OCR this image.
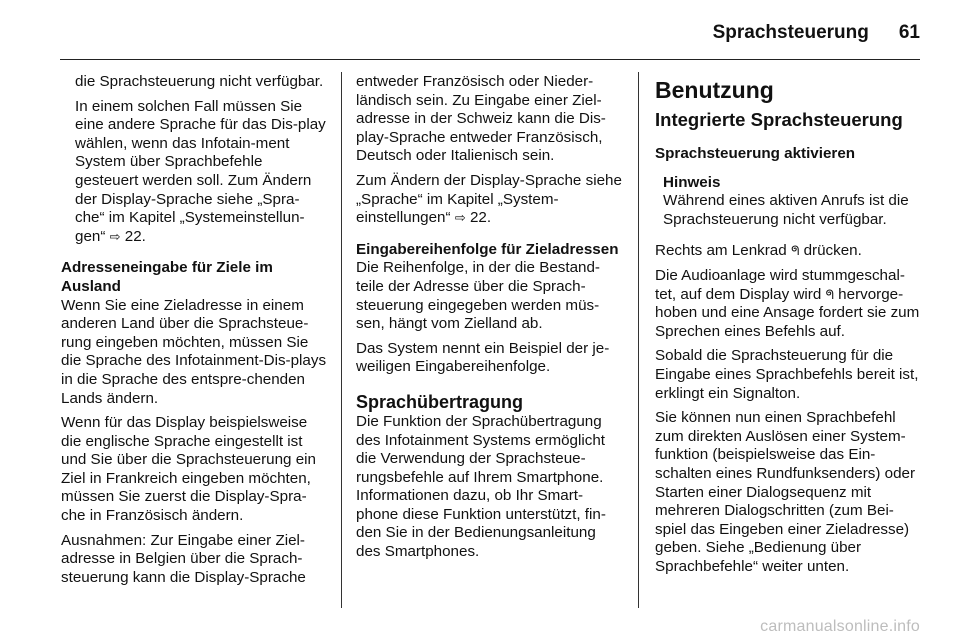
Sprachsteuerung 61

die Sprachsteuerung nicht verfügbar.

In einem solchen Fall müssen Sie eine andere Sprache für das Dis-play wählen, wenn das Infotain-ment System über Sprachbefehle gesteuert werden soll. Zum Ändern der Display-Sprache siehe „Spra-che“ im Kapitel „Systemeinstellun-gen“ ⇨ 22.

Adresseneingabe für Ziele im Ausland

Wenn Sie eine Zieladresse in einem anderen Land über die Sprachsteue-rung eingeben möchten, müssen Sie die Sprache des Infotainment-Dis-plays in die Sprache des entspre-chenden Lands ändern.

Wenn für das Display beispielsweise die englische Sprache eingestellt ist und Sie über die Sprachsteuerung ein Ziel in Frankreich eingeben möchten, müssen Sie zuerst die Display-Spra-che in Französisch ändern.

Ausnahmen: Zur Eingabe einer Ziel-adresse in Belgien über die Sprach-steuerung kann die Display-Sprache

entweder Französisch oder Nieder-ländisch sein. Zu Eingabe einer Ziel-adresse in der Schweiz kann die Dis-play-Sprache entweder Französisch, Deutsch oder Italienisch sein.

Zum Ändern der Display-Sprache siehe „Sprache“ im Kapitel „System-einstellungen“ ⇨ 22.

Eingabereihenfolge für Zieladressen

Die Reihenfolge, in der die Bestand-teile der Adresse über die Sprach-steuerung eingegeben werden müs-sen, hängt vom Zielland ab.

Das System nennt ein Beispiel der je-weiligen Eingabereihenfolge.

Sprachübertragung

Die Funktion der Sprachübertragung des Infotainment Systems ermöglicht die Verwendung der Sprachsteue-rungsbefehle auf Ihrem Smartphone. Informationen dazu, ob Ihr Smart-phone diese Funktion unterstützt, fin-den Sie in der Bedienungsanleitung des Smartphones.

Benutzung
Integrierte Sprachsteuerung

Sprachsteuerung aktivieren

Hinweis

Während eines aktiven Anrufs ist die Sprachsteuerung nicht verfügbar.

Rechts am Lenkrad ᖗ drücken.

Die Audioanlage wird stummgeschal-tet, auf dem Display wird ᖗ hervorge-hoben und eine Ansage fordert sie zum Sprechen eines Befehls auf.

Sobald die Sprachsteuerung für die Eingabe eines Sprachbefehls bereit ist, erklingt ein Signalton.

Sie können nun einen Sprachbefehl zum direkten Auslösen einer System-funktion (beispielsweise das Ein-schalten eines Rundfunksenders) oder Starten einer Dialogsequenz mit mehreren Dialogschritten (zum Bei-spiel das Eingeben einer Zieladresse) geben. Siehe „Bedienung über Sprachbefehle“ weiter unten.

carmanualsonline.info
